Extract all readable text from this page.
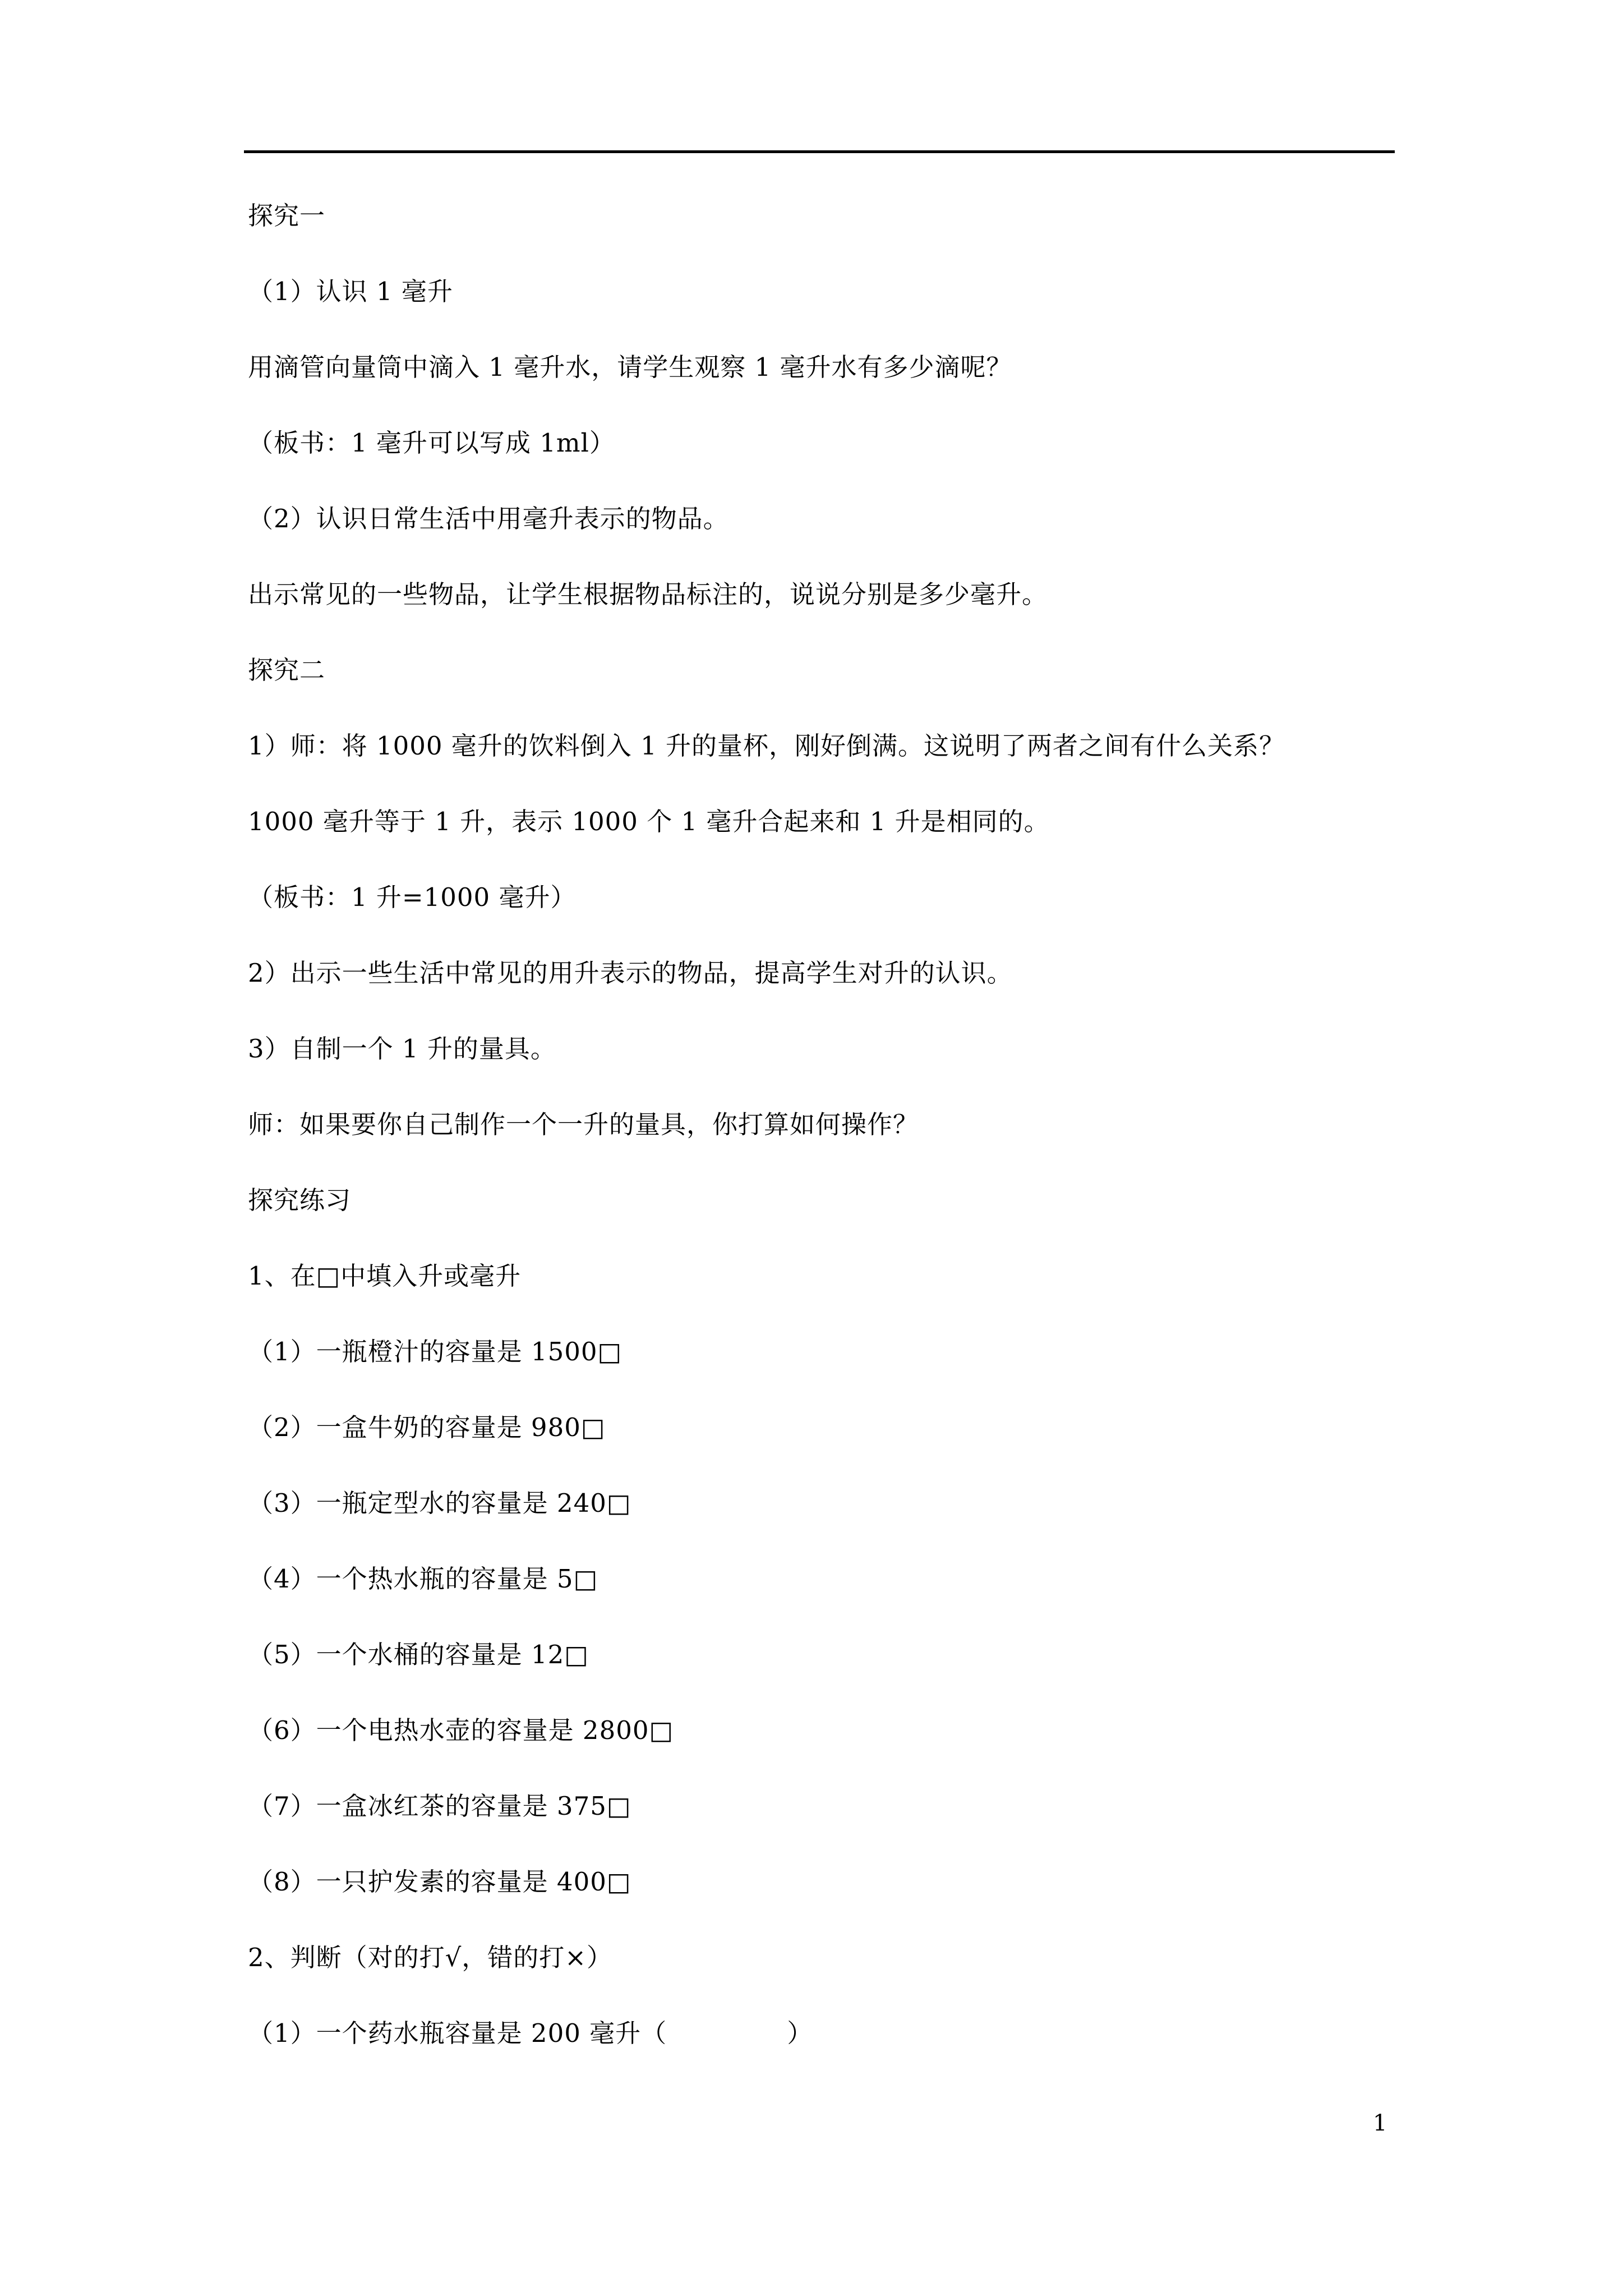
探究一
（1）认识 1 毫升
用滴管向量筒中滴入 1 毫升水，请学生观察 1 毫升水有多少滴呢？
（板书：1 毫升可以写成 1ml）
（2）认识日常生活中用毫升表示的物品。
出示常见的一些物品，让学生根据物品标注的，说说分别是多少毫升。
探究二
1）师：将 1000 毫升的饮料倒入 1 升的量杯，刚好倒满。这说明了两者之间有什么关系？
1000 毫升等于 1 升，表示 1000 个 1 毫升合起来和 1 升是相同的。
（板书：1 升=1000 毫升）
2）出示一些生活中常见的用升表示的物品，提高学生对升的认识。
3）自制一个 1 升的量具。
师：如果要你自己制作一个一升的量具，你打算如何操作？
探究练习
1、在□中填入升或毫升
（1）一瓶橙汁的容量是 1500□
（2）一盒牛奶的容量是 980□
（3）一瓶定型水的容量是 240□
（4）一个热水瓶的容量是 5□
（5）一个水桶的容量是 12□
（6）一个电热水壶的容量是 2800□
（7）一盒冰红茶的容量是 375□
（8）一只护发素的容量是 400□
2、判断（对的打√，错的打×）
（1）一个药水瓶容量是 200 毫升（              ）
1
